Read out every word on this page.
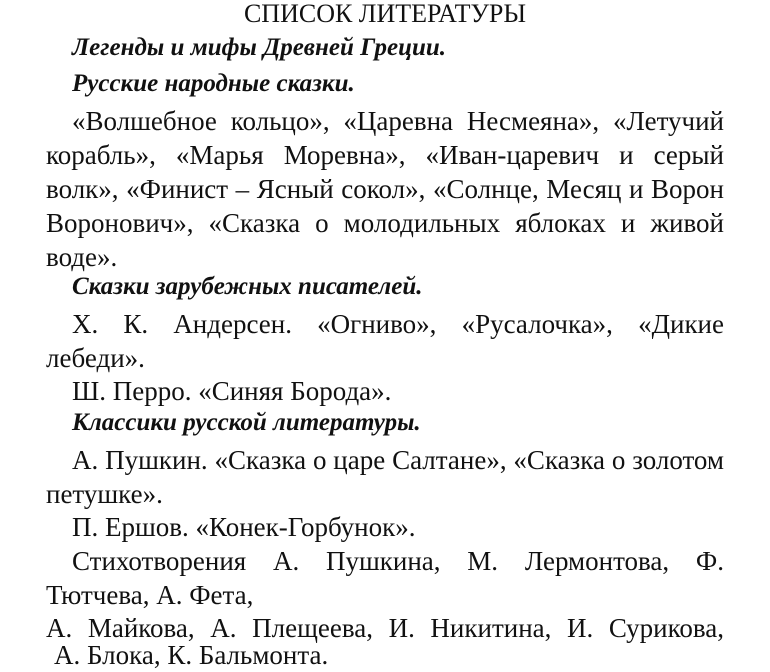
СПИСОК ЛИТЕРАТУРЫ
Легенды и мифы Древней Греции.
Русские народные сказки.
«Волшебное кольцо», «Царевна Несмеяна», «Летучий корабль», «Марья Моревна», «Иван-царевич и серый волк», «Финист – Ясный сокол», «Солнце, Месяц и Ворон Воронович», «Сказка о молодильных яблоках и живой воде».
Сказки зарубежных писателей.
Х. К. Андерсен. «Огниво», «Русалочка», «Дикие лебеди».
Ш. Перро. «Синяя Борода».
Классики русской литературы.
А. Пушкин. «Сказка о царе Салтане», «Сказка о золотом петушке».
П. Ершов. «Конек-Горбунок».
Стихотворения А. Пушкина, М. Лермонтова, Ф.
Тютчева, А. Фета,
А. Майкова, А. Плещеева, И. Никитина, И. Сурикова,
А. Блока, К. Бальмонта.
